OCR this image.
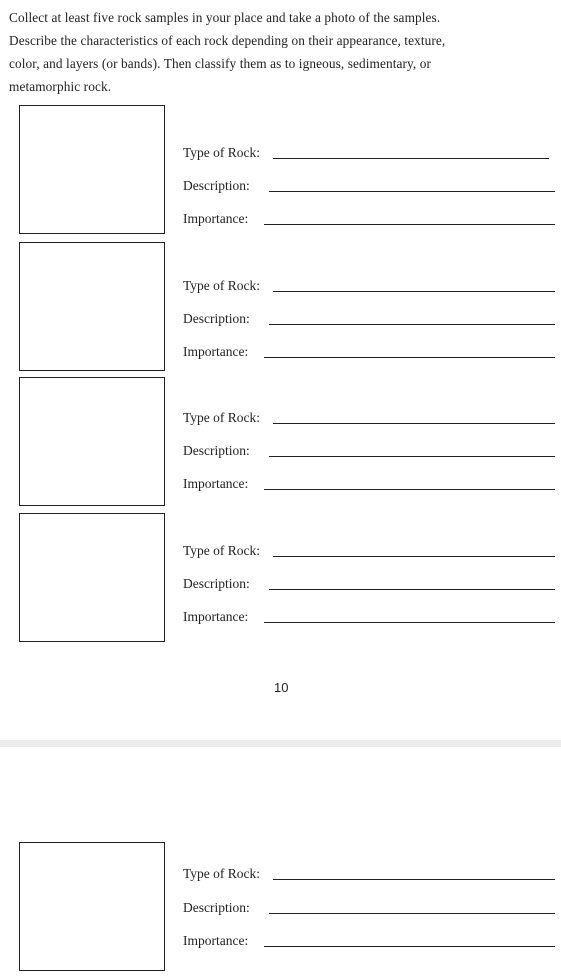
Collect at least five rock samples in your place and take a photo of the samples.
Describe the characteristics of each rock depending on their appearance, texture,
color, and layers (or bands). Then classify them as to igneous, sedimentary, or
metamorphic rock.
Type of Rock:
Description:
Importance:
Type of Rock:
Description:
Importance:
Type of Rock:
Description:
Importance:
Type of Rock:
Description:
Importance:
10
Type of Rock:
Description:
Importance:
